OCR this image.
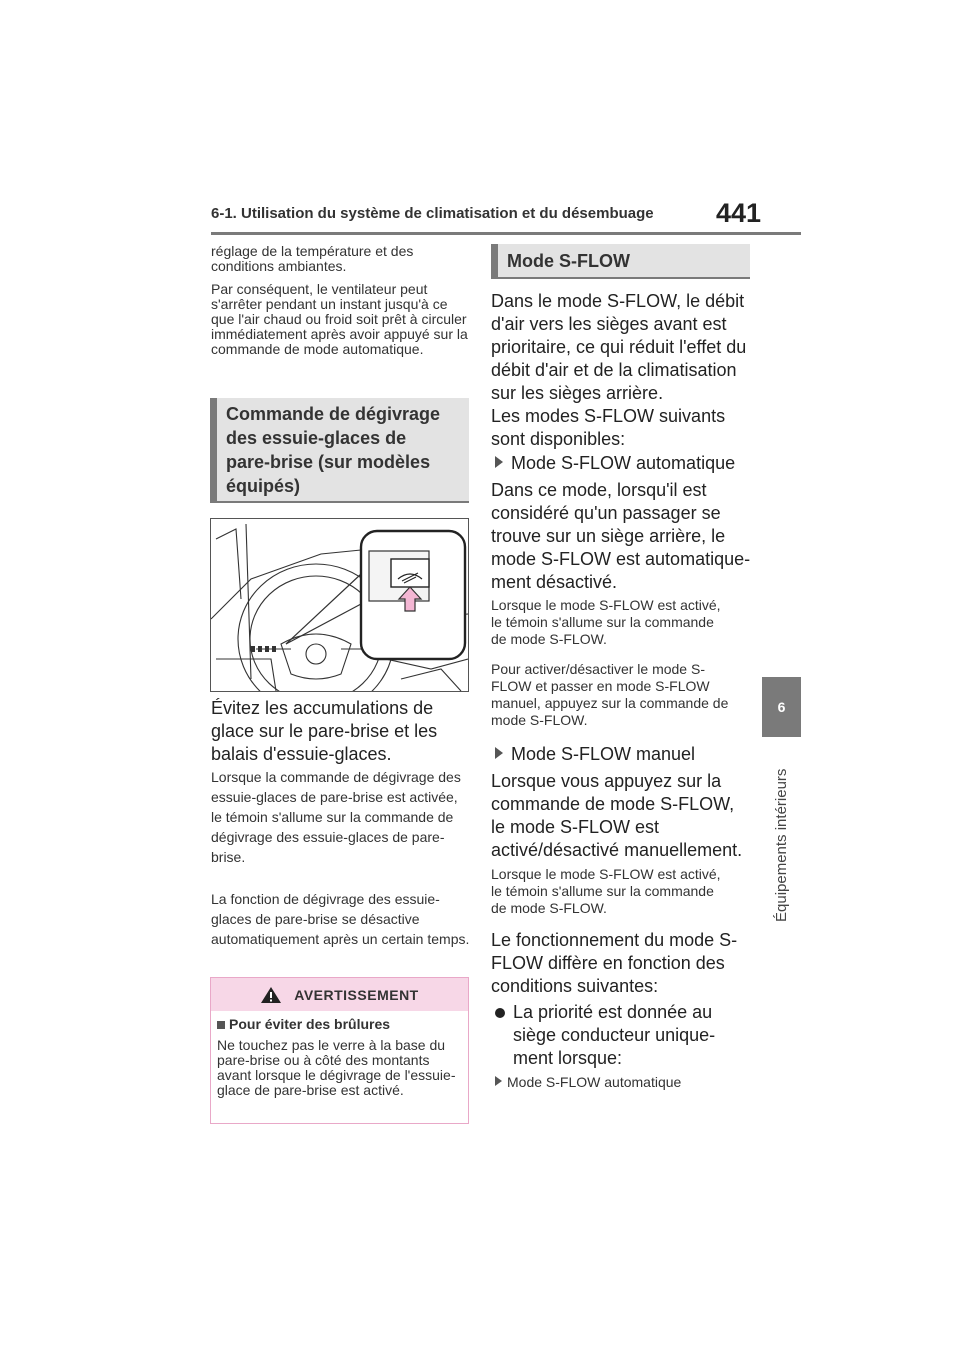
6-1. Utilisation du système de climatisation et du désembuage 441
6
Équipements intérieurs

réglage de la température et des conditions ambiantes.

Par conséquent, le ventilateur peut s'arrêter pendant un instant jusqu'à ce que l'air chaud ou froid soit prêt à circuler immédiatement après avoir appuyé sur la commande de mode automatique.

Commande de dégivrage
des essuie-glaces de
pare-brise (sur modèles
équipés)
Évitez les accumulations de glace sur le pare-brise et les balais d'essuie-glaces.
Lorsque la commande de dégivrage des essuie-glaces de pare-brise est activée, le témoin s'allume sur la commande de dégivrage des essuie-glaces de pare-brise.
La fonction de dégivrage des essuie-glaces de pare-brise se désactive automatiquement après un certain temps.
AVERTISSEMENT
Pour éviter des brûlures
Ne touchez pas le verre à la base du pare-brise ou à côté des montants avant lorsque le dégivrage de l'essuie-glace de pare-brise est activé.
Mode S-FLOW
Dans le mode S-FLOW, le débit d'air vers les sièges avant est prioritaire, ce qui réduit l'effet du débit d'air et de la climatisation sur les sièges arrière.
Les modes S-FLOW suivants sont disponibles:
Mode S-FLOW automatique
Dans ce mode, lorsqu'il est considéré qu'un passager se trouve sur un siège arrière, le mode S-FLOW est automatique-ment désactivé.
Lorsque le mode S-FLOW est activé, le témoin s'allume sur la commande de mode S-FLOW.
Pour activer/désactiver le mode S-FLOW et passer en mode S-FLOW manuel, appuyez sur la commande de mode S-FLOW.
Mode S-FLOW manuel
Lorsque vous appuyez sur la commande de mode S-FLOW, le mode S-FLOW est activé/désactivé manuellement.
Lorsque le mode S-FLOW est activé, le témoin s'allume sur la commande de mode S-FLOW.
Le fonctionnement du mode S-FLOW diffère en fonction des conditions suivantes:
La priorité est donnée au siège conducteur unique-ment lorsque:
Mode S-FLOW automatique
